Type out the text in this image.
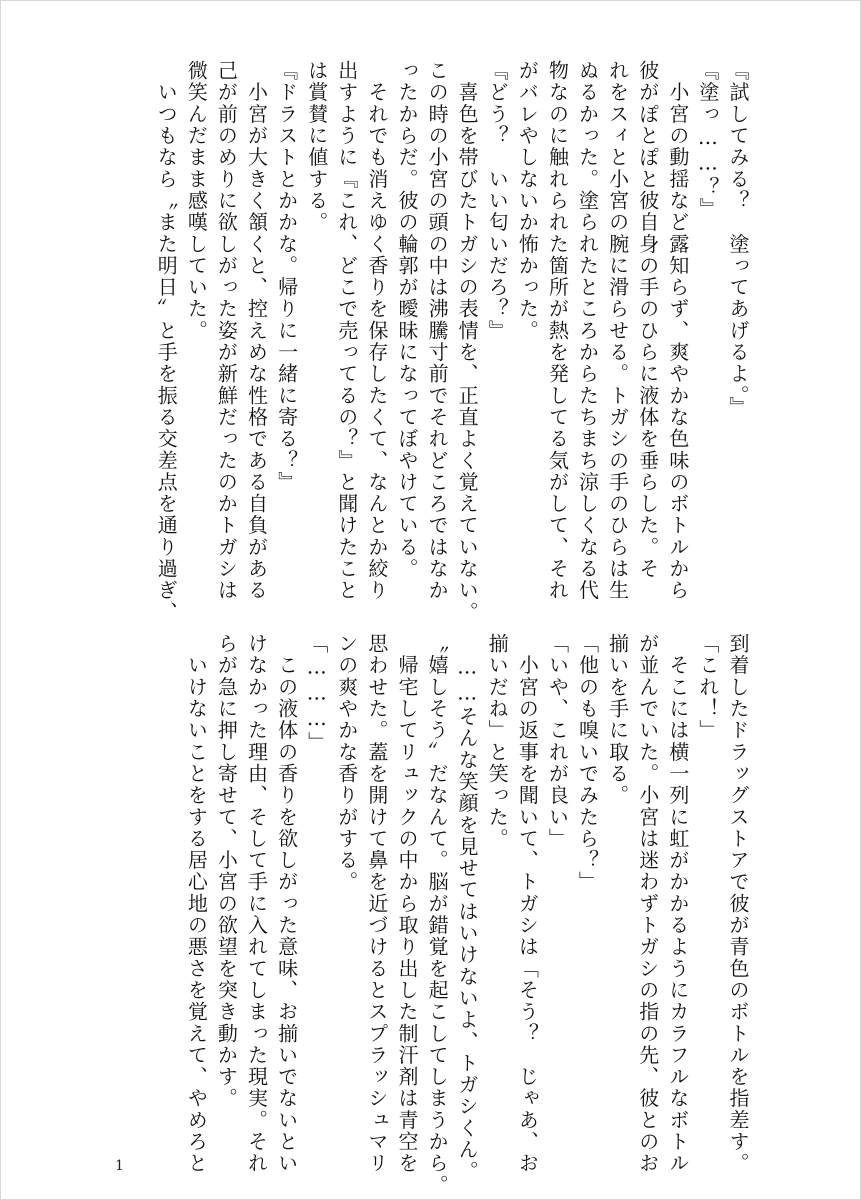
『試してみる？　塗ってあげるよ。』
『塗っ……？』
　小宮の動揺など露知らず、爽やかな色味のボトルから
彼がぽとぽと彼自身の手のひらに液体を垂らした。そ
れをスィと小宮の腕に滑らせる。トガシの手のひらは生
ぬるかった。塗られたところからたちまち涼しくなる代
物なのに触れられた箇所が熱を発してる気がして、それ
がバレやしないか怖かった。
『どう？　いい匂いだろ？』
　喜色を帯びたトガシの表情を、正直よく覚えていない。
この時の小宮の頭の中は沸騰寸前でそれどころではなか
ったからだ。彼の輪郭が曖昧になってぼやけている。
　それでも消えゆく香りを保存したくて、なんとか絞り
出すように『これ、どこで売ってるの？』と聞けたこと
は賞賛に値する。
『ドラストとかかな。帰りに一緒に寄る？』
　小宮が大きく頷くと、控えめな性格である自負がある
己が前のめりに欲しがった姿が新鮮だったのかトガシは
微笑んだまま感嘆していた。
　いつもなら〝また明日〟と手を振る交差点を通り過ぎ、
到着したドラッグストアで彼が青色のボトルを指差す。
「これ！」
　そこには横一列に虹がかかるようにカラフルなボトル
が並んでいた。小宮は迷わずトガシの指の先、彼とのお
揃いを手に取る。
「他のも嗅いでみたら？」
「いや、これが良い」
　小宮の返事を聞いて、トガシは「そう？　じゃあ、お
揃いだね」と笑った。
　……そんな笑顔を見せてはいけないよ、トガシくん。
〝嬉しそう〟だなんて。脳が錯覚を起こしてしまうから。
　帰宅してリュックの中から取り出した制汗剤は青空を
思わせた。蓋を開けて鼻を近づけるとスプラッシュマリ
ンの爽やかな香りがする。
「………」
　この液体の香りを欲しがった意味、お揃いでないとい
けなかった理由、そして手に入れてしまった現実。それ
らが急に押し寄せて、小宮の欲望を突き動かす。
　いけないことをする居心地の悪さを覚えて、やめろと
1
